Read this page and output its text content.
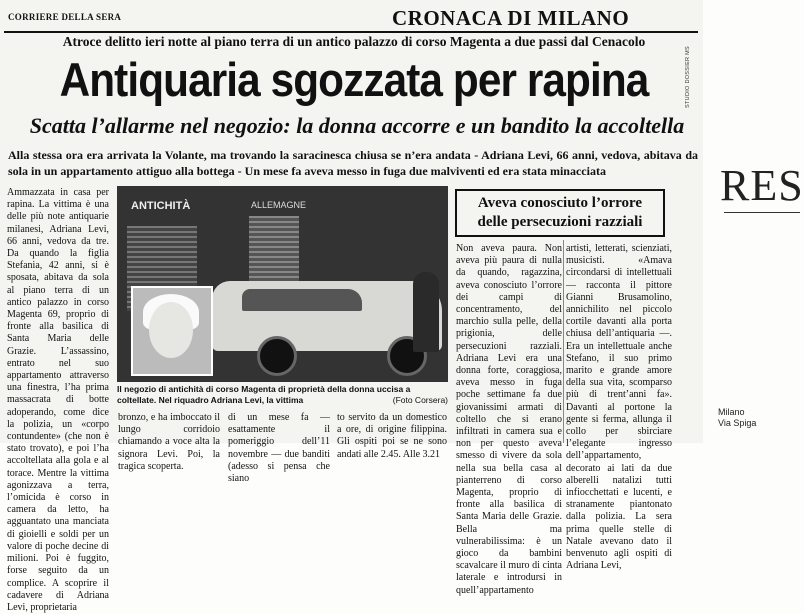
CORRIERE DELLA SERA	CRONACA DI MILANO
Atroce delitto ieri notte al piano terra di un antico palazzo di corso Magenta a due passi dal Cenacolo
Antiquaria sgozzata per rapina
Scatta l’allarme nel negozio: la donna accorre e un bandito la accoltella
Alla stessa ora era arrivata la Volante, ma trovando la saracinesca chiusa se n’era andata - Adriana Levi, 66 anni, vedova, abitava da sola in un appartamento attiguo alla bottega - Un mese fa aveva messo in fuga due malviventi ed era stata minacciata
Ammazzata in casa per rapina. La vittima è una delle più note antiquarie milanesi, Adriana Levi, 66 anni, vedova da tre. Da quando la figlia Stefania, 42 anni, si è sposata, abitava da sola al piano terra di un antico palazzo in corso Magenta 69, proprio di fronte alla basilica di Santa Maria delle Grazie. L’assassino, entrato nel suo appartamento attraverso una finestra, l’ha prima massacrata di botte adoperando, come dice la polizia, un «corpo contundente» (che non è stato trovato), e poi l’ha accoltellata alla gola e al torace. Mentre la vittima agonizzava a terra, l’omicida è corso in camera da letto, ha agguantato una manciata di gioielli e soldi per un valore di poche decine di milioni. Poi è fuggito, forse seguito da un complice. A scoprire il cadavere di Adriana Levi, proprietaria
ANTICHITÀ	ALLEMAGNE
Il negozio di antichità di corso Magenta di proprietà della donna uccisa a coltellate. Nel riquadro Adriana Levi, la vittima	(Foto Corsera)
bronzo, e ha imboccato il lungo corridoio chiamando a voce alta la signora Levi. Poi, la tragica scoperta.
di un mese fa — esattamente il pomeriggio dell’11 novembre — due banditi (adesso si pensa che siano
to servito da un domestico a ore, di origine filippina. Gli ospiti poi se ne sono andati alle 2.45. Alle 3.21
Aveva conosciuto l’orrore
delle persecuzioni razziali
Non aveva paura. Non aveva più paura di nulla da quando, ragazzina, aveva conosciuto l’orrore dei campi di concentramento, del marchio sulla pelle, della prigionia, delle persecuzioni razziali. Adriana Levi era una donna forte, coraggiosa, aveva messo in fuga poche settimane fa due giovanissimi armati di coltello che si erano infiltrati in camera sua e non per questo aveva smesso di vivere da sola nella sua bella casa al pianterreno di corso Magenta, proprio di fronte alla basilica di Santa Maria delle Grazie. Bella ma vulnerabilissima: è un gioco da bambini scavalcare il muro di cinta laterale e introdursi in quell’appartamento
artisti, letterati, scienziati, musicisti. «Amava circondarsi di intellettuali — racconta il pittore Gianni Brusamolino, annichilito nel piccolo cortile davanti alla porta chiusa dell’antiquaria —. Era un intellettuale anche Stefano, il suo primo marito e grande amore della sua vita, scomparso più di trent’anni fa». Davanti al portone la gente si ferma, allunga il collo per sbirciare l’elegante ingresso dell’appartamento, decorato ai lati da due alberelli natalizi tutti infiocchettati e lucenti, e stranamente piantonato dalla polizia. La sera prima quelle stelle di Natale avevano dato il benvenuto agli ospiti di Adriana Levi,
STUDIO DOSSIER MS
RES
Milano
Via Spiga
